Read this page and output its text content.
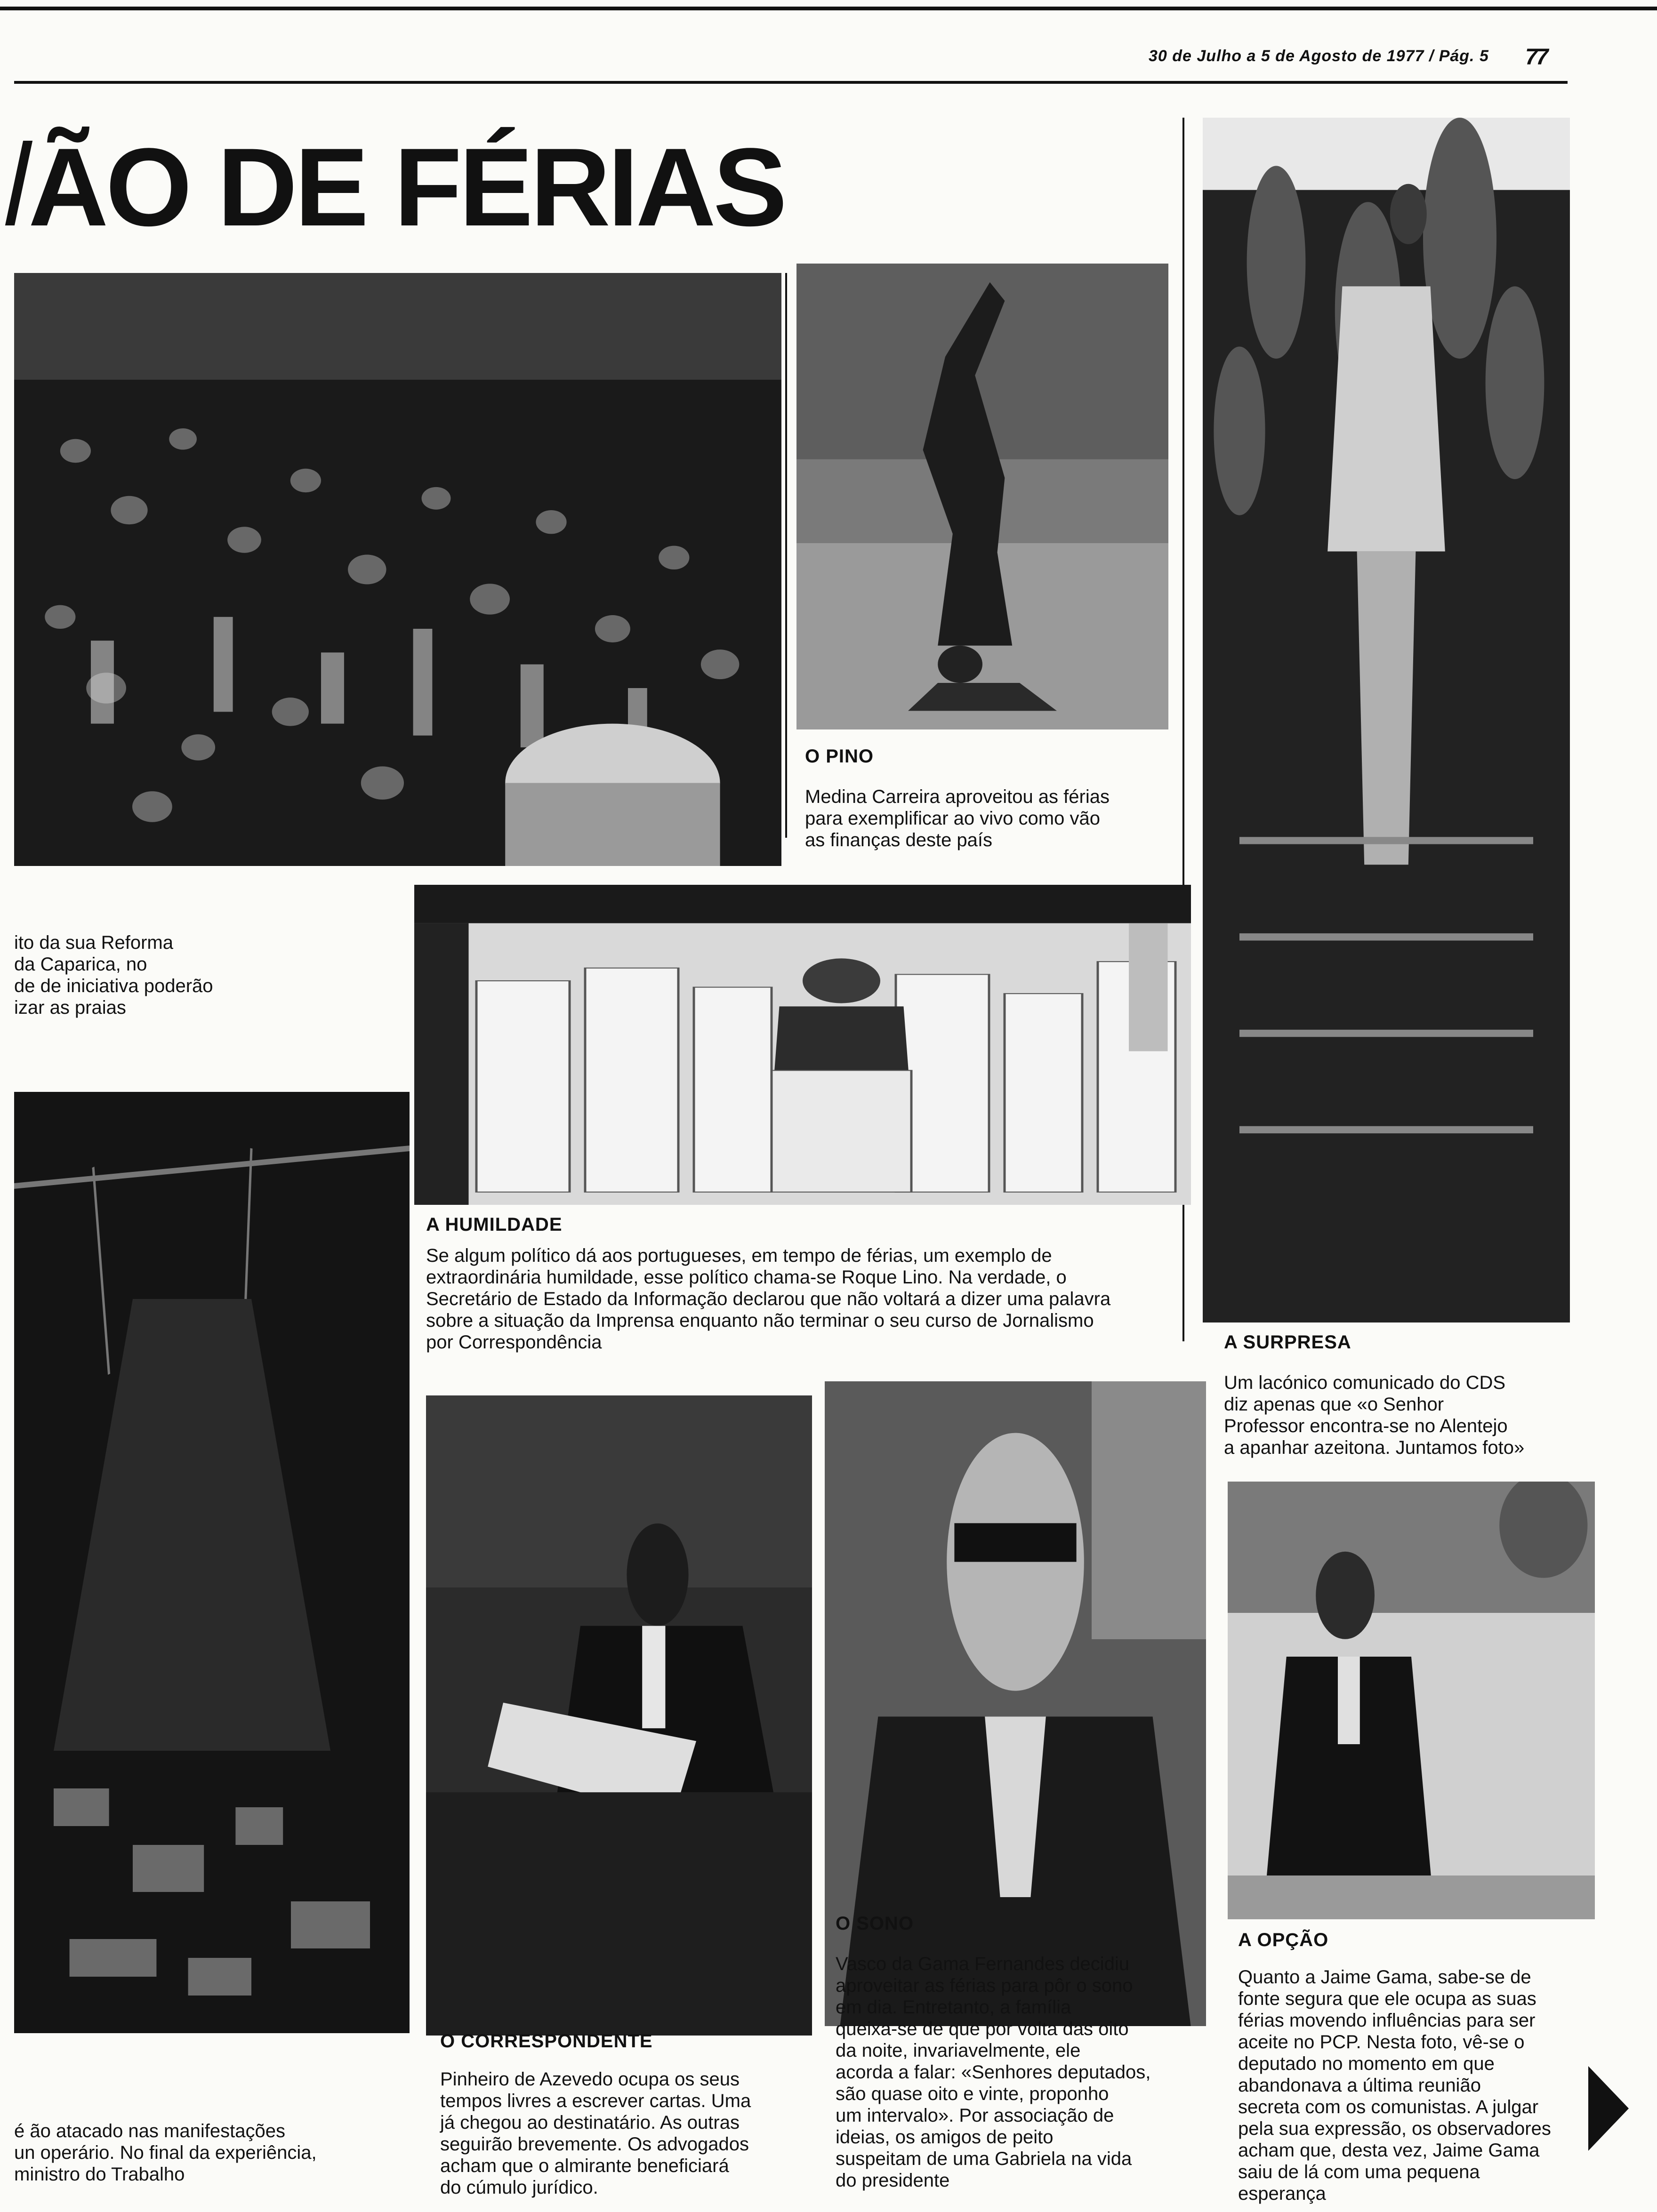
30 de Julho a 5 de Agosto de 1977 / Pág. 5 77
ÃO DE FÉRIAS

ito da sua Reforma

da Caparica, no

de de iniciativa poderão

izar as praias

O PINO

Medina Carreira aproveitou as férias

para exemplificar ao vivo como vão

as finanças deste país

A HUMILDADE

Se algum político dá aos portugueses, em tempo de férias, um exemplo de

extraordinária humildade, esse político chama-se Roque Lino. Na verdade, o

Secretário de Estado da Informação declarou que não voltará a dizer uma palavra

sobre a situação da Imprensa enquanto não terminar o seu curso de Jornalismo

por Correspondência	A SURPRESA

Um lacónico comunicado do CDS

diz apenas que «o Senhor

Professor encontra-se no Alentejo

a apanhar azeitona. Juntamos foto»

O CORRESPONDENTE

Pinheiro de Azevedo ocupa os seus

tempos livres a escrever cartas. Uma

já chegou ao destinatário. As outras

seguirão brevemente. Os advogados

acham que o almirante beneficiará

do cúmulo jurídico.

O SONO

Vasco da Gama Fernandes decidiu

aproveitar as férias para pôr o sono

em dia. Entretanto, a família

queixa-se de que por volta das oito

da noite, invariavelmente, ele

acorda a falar: «Senhores deputados,

são quase oito e vinte, proponho

um intervalo». Por associação de

ideias, os amigos de peito

suspeitam de uma Gabriela na vida

do presidente

A OPÇÃO

Quanto a Jaime Gama, sabe-se de

fonte segura que ele ocupa as suas

férias movendo influências para ser

aceite no PCP. Nesta foto, vê-se o

deputado no momento em que

abandonava a última reunião

secreta com os comunistas. A julgar

pela sua expressão, os observadores

acham que, desta vez, Jaime Gama

saiu de lá com uma pequena

esperança

é ão atacado nas manifestações

un operário. No final da experiência,

ministro do Trabalho
